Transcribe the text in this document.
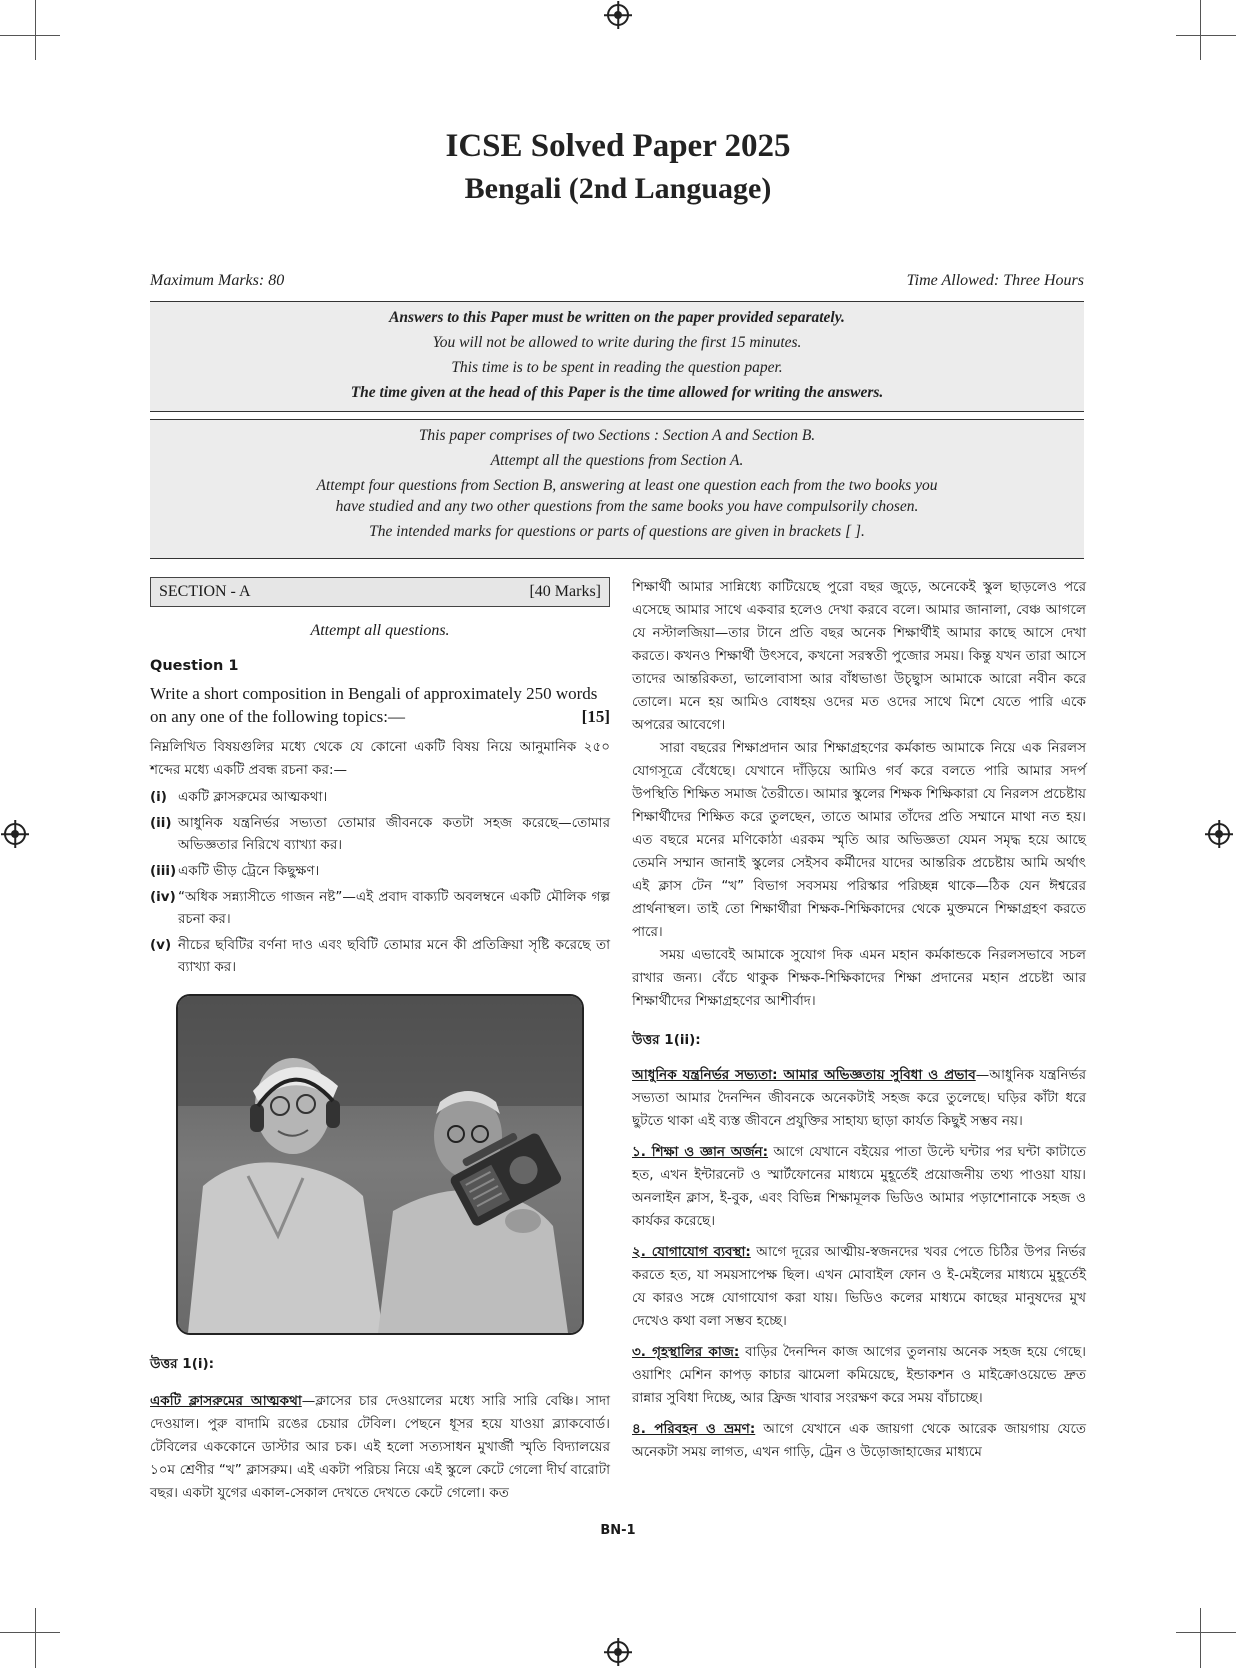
ICSE Solved Paper 2025
Bengali (2nd Language)
Maximum Marks: 80	Time Allowed: Three Hours

Answers to this Paper must be written on the paper provided separately.

You will not be allowed to write during the first 15 minutes.

This time is to be spent in reading the question paper.

The time given at the head of this Paper is the time allowed for writing the answers.

This paper comprises of two Sections : Section A and Section B.

Attempt all the questions from Section A.

Attempt four questions from Section B, answering at least one question each from the two books you have studied and any two other questions from the same books you have compulsorily chosen.

The intended marks for questions or parts of questions are given in brackets [ ].

SECTION - A	[40 Marks]
Attempt all questions.
Question 1
Write a short composition in Bengali of approximately 250 words on any one of the following topics:—	[15]
নিম্নলিখিত বিষয়গুলির মধ্যে থেকে যে কোনো একটি বিষয় নিয়ে আনুমানিক ২৫০ শব্দের মধ্যে একটি প্রবন্ধ রচনা কর:—
(i) একটি ক্লাসরুমের আত্মকথা।
(ii) আধুনিক যন্ত্রনির্ভর সভ্যতা তোমার জীবনকে কতটা সহজ করেছে—তোমার অভিজ্ঞতার নিরিখে ব্যাখ্যা কর।
(iii) একটি ভীড় ট্রেনে কিছুক্ষণ।
(iv) “অধিক সন্ন্যাসীতে গাজন নষ্ট”—এই প্রবাদ বাক্যটি অবলম্বনে একটি মৌলিক গল্প রচনা কর।
(v) নীচের ছবিটির বর্ণনা দাও এবং ছবিটি তোমার মনে কী প্রতিক্রিয়া সৃষ্টি করেছে তা ব্যাখ্যা কর।
উত্তর 1(i):
একটি ক্লাসরুমের আত্মকথা—ক্লাসের চার দেওয়ালের মধ্যে সারি সারি বেঞ্চি। সাদা দেওয়াল। পুরু বাদামি রঙের চেয়ার টেবিল। পেছনে ধূসর হয়ে যাওয়া ব্ল্যাকবোর্ড। টেবিলের এককোনে ডাস্টার আর চক। এই হলো সত্যসাধন মুখার্জী স্মৃতি বিদ্যালয়ের ১০ম শ্রেণীর “খ” ক্লাসরুম। এই একটা পরিচয় নিয়ে এই স্কুলে কেটে গেলো দীর্ঘ বারোটা বছর। একটা যুগের একাল-সেকাল দেখতে দেখতে কেটে গেলো। কত
শিক্ষার্থী আমার সান্নিধ্যে কাটিয়েছে পুরো বছর জুড়ে, অনেকেই স্কুল ছাড়লেও পরে এসেছে আমার সাথে একবার হলেও দেখা করবে বলে। আমার জানালা, বেঞ্চ আগলে যে নস্টালজিয়া—তার টানে প্রতি বছর অনেক শিক্ষার্থীই আমার কাছে আসে দেখা করতে। কখনও শিক্ষার্থী উৎসবে, কখনো সরস্বতী পুজোর সময়। কিন্তু যখন তারা আসে তাদের আন্তরিকতা, ভালোবাসা আর বাঁধভাঙা উচ্ছ্বাস আমাকে আরো নবীন করে তোলে। মনে হয় আমিও বোধহয় ওদের মত ওদের সাথে মিশে যেতে পারি একে অপরের আবেগে।
সারা বছরের শিক্ষাপ্রদান আর শিক্ষাগ্রহণের কর্মকান্ড আমাকে নিয়ে এক নিরলস যোগসূত্রে বেঁধেছে। যেখানে দাঁড়িয়ে আমিও গর্ব করে বলতে পারি আমার সদর্প উপস্থিতি শিক্ষিত সমাজ তৈরীতে। আমার স্কুলের শিক্ষক শিক্ষিকারা যে নিরলস প্রচেষ্টায় শিক্ষার্থীদের শিক্ষিত করে তুলছেন, তাতে আমার তাঁদের প্রতি সম্মানে মাথা নত হয়। এত বছরে মনের মণিকোঠা এরকম স্মৃতি আর অভিজ্ঞতা যেমন সমৃদ্ধ হয়ে আছে তেমনি সম্মান জানাই স্কুলের সেইসব কর্মীদের যাদের আন্তরিক প্রচেষ্টায় আমি অর্থাৎ এই ক্লাস টেন “খ” বিভাগ সবসময় পরিস্কার পরিচ্ছন্ন থাকে—ঠিক যেন ঈশ্বরের প্রার্থনাস্থল। তাই তো শিক্ষার্থীরা শিক্ষক-শিক্ষিকাদের থেকে মুক্তমনে শিক্ষাগ্রহণ করতে পারে।
সময় এভাবেই আমাকে সুযোগ দিক এমন মহান কর্মকান্ডকে নিরলসভাবে সচল রাখার জন্য। বেঁচে থাকুক শিক্ষক-শিক্ষিকাদের শিক্ষা প্রদানের মহান প্রচেষ্টা আর শিক্ষার্থীদের শিক্ষাগ্রহণের আশীর্বাদ।
উত্তর 1(ii):
আধুনিক যন্ত্রনির্ভর সভ্যতা: আমার অভিজ্ঞতায় সুবিধা ও প্রভাব—আধুনিক যন্ত্রনির্ভর সভ্যতা আমার দৈনন্দিন জীবনকে অনেকটাই সহজ করে তুলেছে। ঘড়ির কাঁটা ধরে ছুটতে থাকা এই ব্যস্ত জীবনে প্রযুক্তির সাহায্য ছাড়া কার্যত কিছুই সম্ভব নয়।
১. শিক্ষা ও জ্ঞান অর্জন: আগে যেখানে বইয়ের পাতা উল্টে ঘন্টার পর ঘন্টা কাটাতে হত, এখন ইন্টারনেট ও স্মার্টফোনের মাধ্যমে মুহূর্তেই প্রয়োজনীয় তথ্য পাওয়া যায়। অনলাইন ক্লাস, ই-বুক, এবং বিভিন্ন শিক্ষামূলক ভিডিও আমার পড়াশোনাকে সহজ ও কার্যকর করেছে।
২. যোগাযোগ ব্যবস্থা: আগে দূরের আত্মীয়-স্বজনদের খবর পেতে চিঠির উপর নির্ভর করতে হত, যা সময়সাপেক্ষ ছিল। এখন মোবাইল ফোন ও ই-মেইলের মাধ্যমে মুহূর্তেই যে কারও সঙ্গে যোগাযোগ করা যায়। ভিডিও কলের মাধ্যমে কাছের মানুষদের মুখ দেখেও কথা বলা সম্ভব হচ্ছে।
৩. গৃহস্থালির কাজ: বাড়ির দৈনন্দিন কাজ আগের তুলনায় অনেক সহজ হয়ে গেছে। ওয়াশিং মেশিন কাপড় কাচার ঝামেলা কমিয়েছে, ইন্ডাকশন ও মাইক্রোওয়েভে দ্রুত রান্নার সুবিধা দিচ্ছে, আর ফ্রিজ খাবার সংরক্ষণ করে সময় বাঁচাচ্ছে।
৪. পরিবহন ও ভ্রমণ: আগে যেখানে এক জায়গা থেকে আরেক জায়গায় যেতে অনেকটা সময় লাগত, এখন গাড়ি, ট্রেন ও উড়োজাহাজের মাধ্যমে
BN-1
